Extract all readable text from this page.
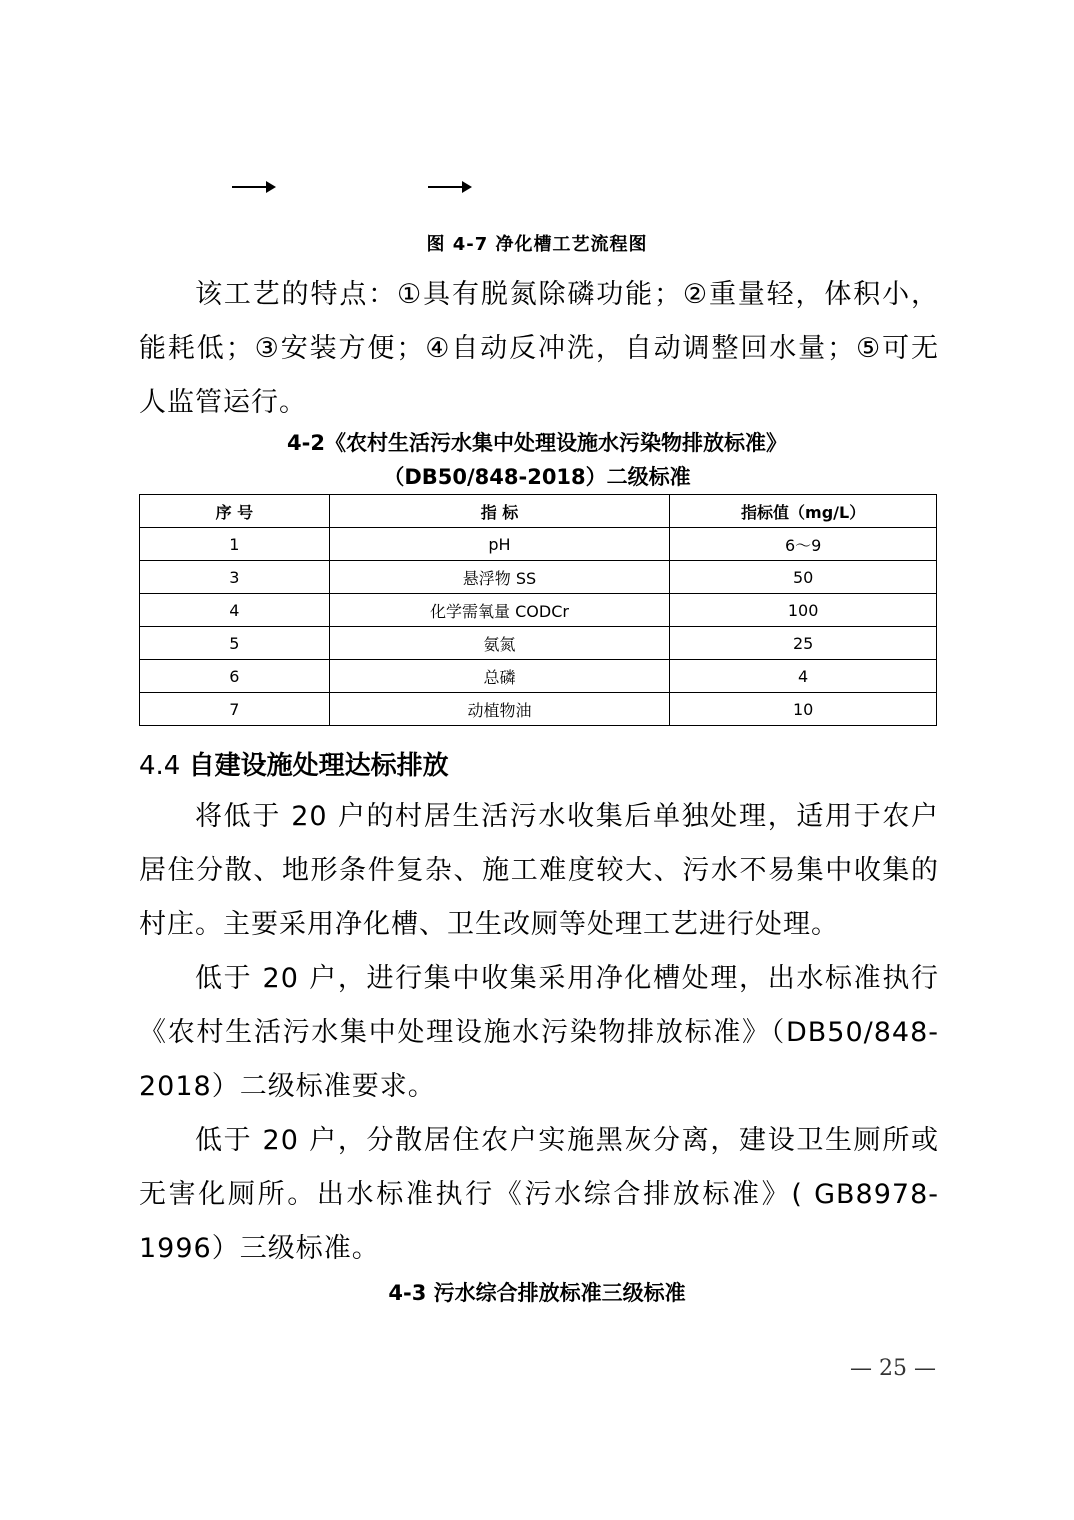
图 4-7 净化槽工艺流程图
该工艺的特点：①具有脱氮除磷功能；②重量轻，体积小，能耗低；③安装方便；④自动反冲洗，自动调整回水量；⑤可无人监管运行。
4-2《农村生活污水集中处理设施水污染物排放标准》
（DB50/848-2018）二级标准
序 号	指 标	指标值（mg/L）
1	pH	6～9
3	悬浮物 SS	50
4	化学需氧量 CODCr	100
5	氨氮	25
6	总磷	4
7	动植物油	10
4.4 自建设施处理达标排放
将低于 20 户的村居生活污水收集后单独处理，适用于农户居住分散、地形条件复杂、施工难度较大、污水不易集中收集的村庄。主要采用净化槽、卫生改厕等处理工艺进行处理。
低于 20 户，进行集中收集采用净化槽处理，出水标准执行《农村生活污水集中处理设施水污染物排放标准》（DB50/848-2018）二级标准要求。
低于 20 户，分散居住农户实施黑灰分离，建设卫生厕所或无害化厕所。出水标准执行《污水综合排放标准》( GB8978-1996）三级标准。
4-3 污水综合排放标准三级标准
— 25 —
